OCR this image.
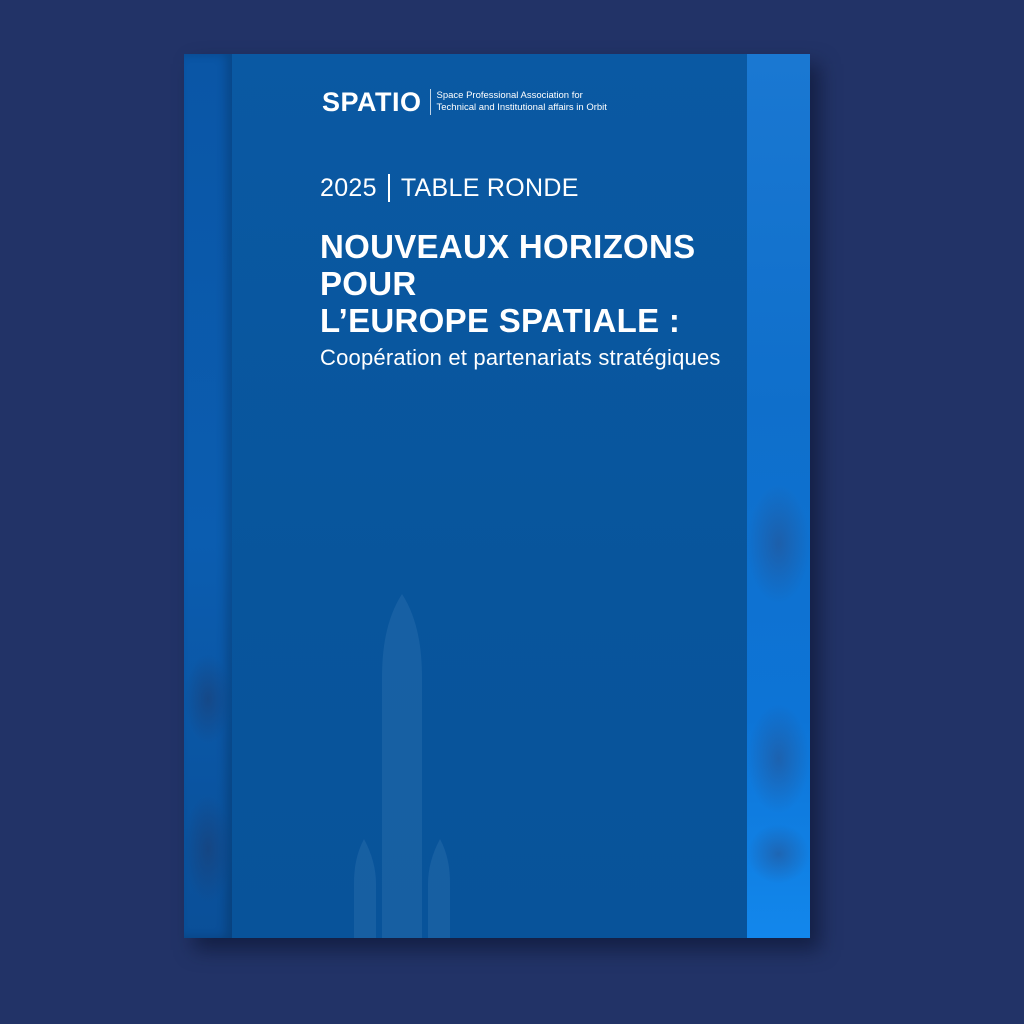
SPATIO Space Professional Association for
Technical and Institutional affairs in Orbit
2025 TABLE RONDE
NOUVEAUX HORIZONS
POUR
L’EUROPE SPATIALE :

Coopération et partenariats stratégiques
